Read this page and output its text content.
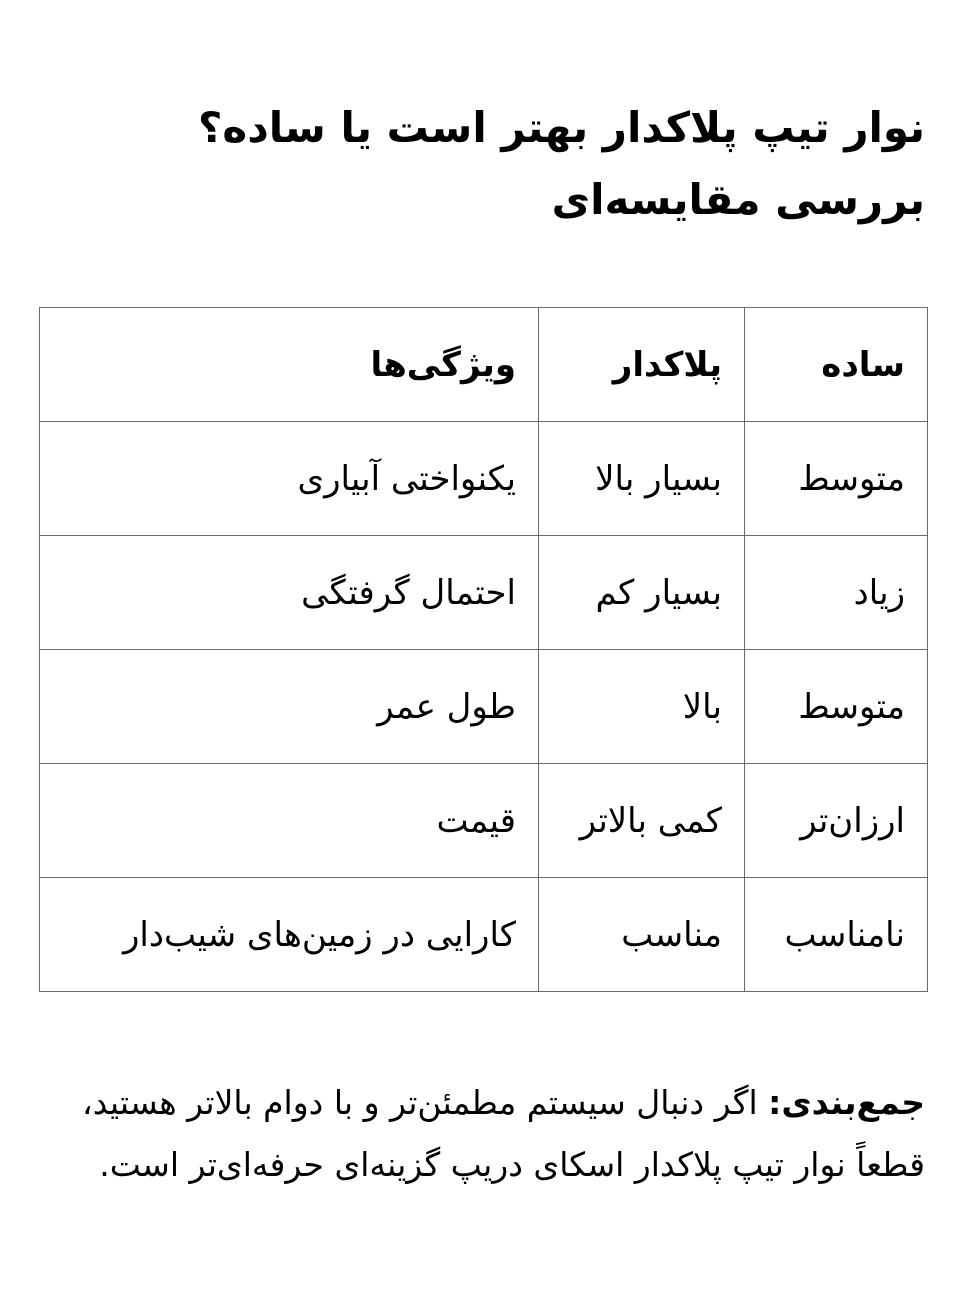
نوار تیپ پلاکدار بهتر است یا ساده؟ بررسی مقایسه‌ای
ساده	پلاکدار	ویژگی‌ها
متوسط	بسیار بالا	یکنواختی آبیاری
زیاد	بسیار کم	احتمال گرفتگی
متوسط	بالا	طول عمر
ارزان‌تر	کمی بالاتر	قیمت
نامناسب	مناسب	کارایی در زمین‌های شیب‌دار

جمع‌بندی: اگر دنبال سیستم مطمئن‌تر و با دوام بالاتر هستید، قطعاً نوار تیپ پلاکدار اسکای دریپ گزینه‌ای حرفه‌ای‌تر است.
